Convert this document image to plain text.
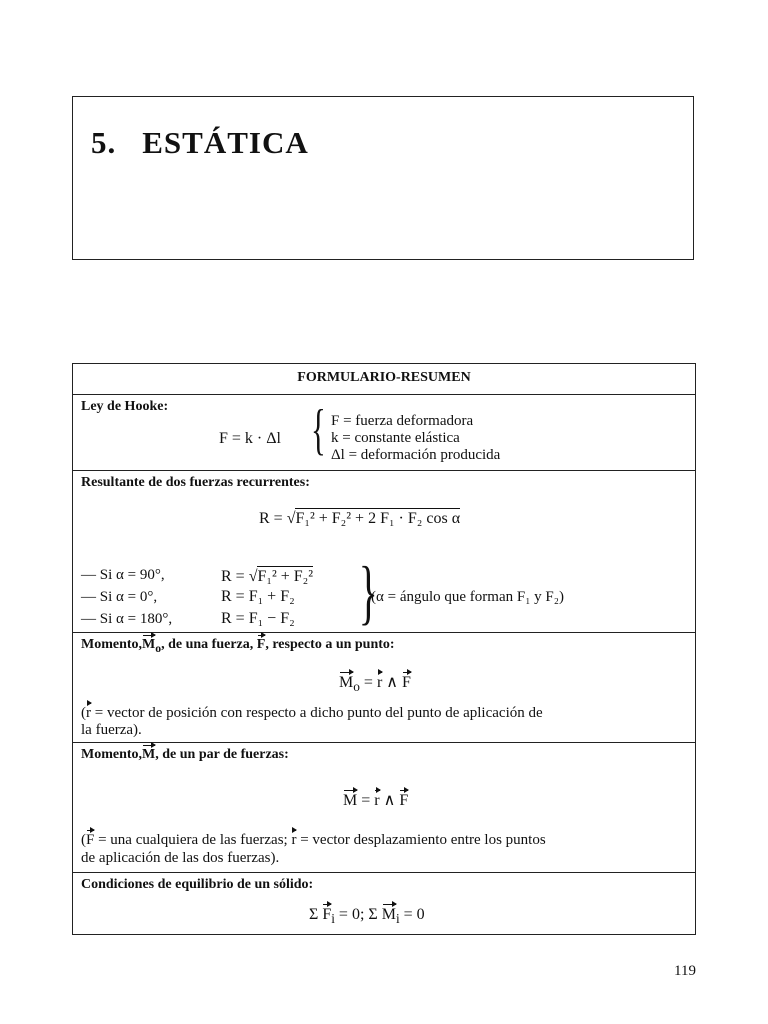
5. ESTÁTICA
FORMULARIO-RESUMEN
Ley de Hooke:
F = k · Δl { F = fuerza deformadora
k = constante elástica
Δl = deformación producida
Resultante de dos fuerzas recurrentes:
R = √F₁² + F₂² + 2 F₁ · F₂ cos α
— Si α = 90°,	R = √F₁² + F₂²
— Si α = 0°,	R = F₁ + F₂
— Si α = 180°,	R = F₁ − F₂ }
(α = ángulo que forman F₁ y F₂)
$Momento,M_o$, de una fuerza, F, respecto a un punto:
$M_o = r$ ∧ F
(r = vector de posición con respecto a dicho punto del punto de aplicación de
la fuerza).
Momento,M, de un par de fuerzas:
M = r ∧ F
(F = una cualquiera de las fuerzas; r = vector desplazamiento entre los puntos
de aplicación de las dos fuerzas).
Condiciones de equilibrio de un sólido:
Σ $F_i = 0$; Σ $M_i = 0$
119
